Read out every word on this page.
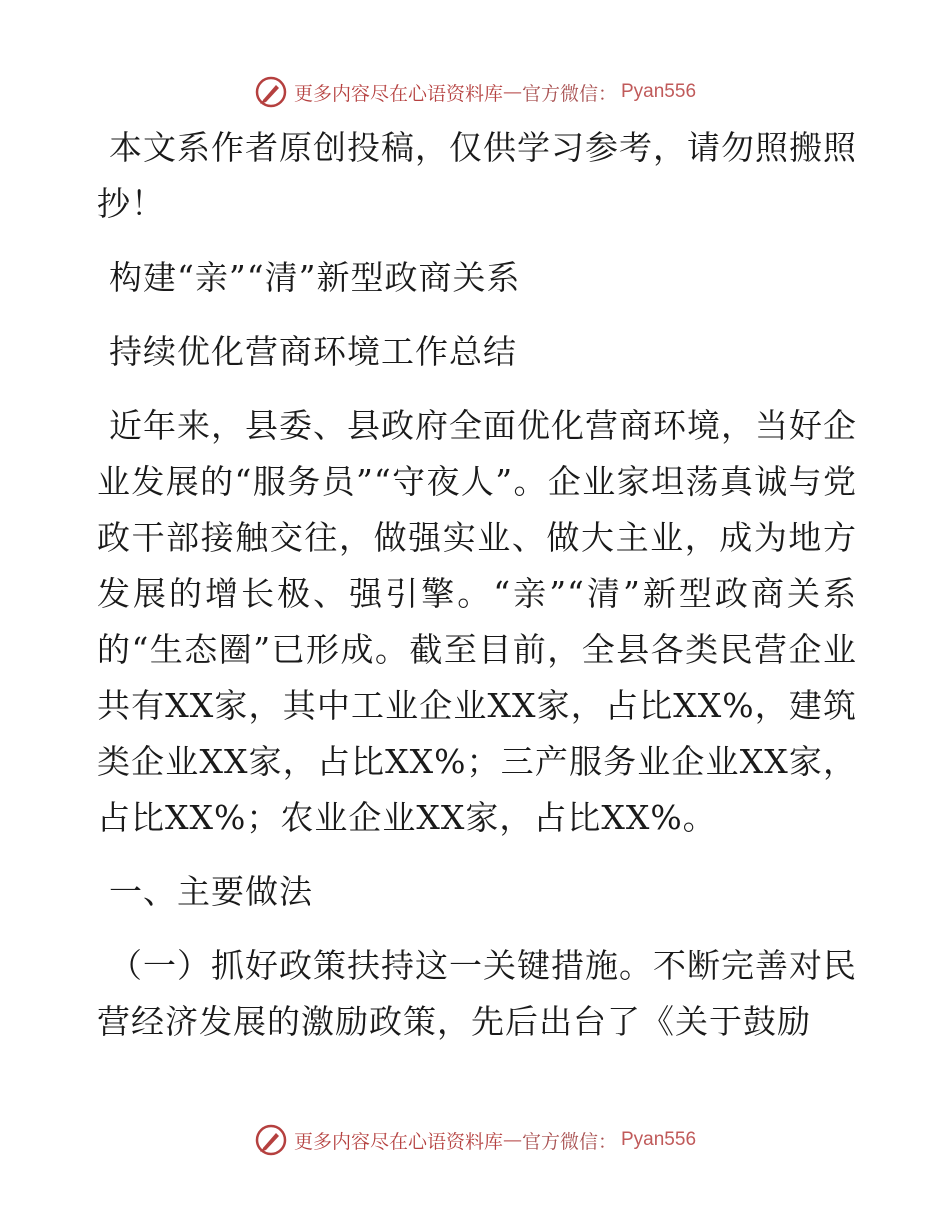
更多内容尽在心语资料库 — 官方微信： Pyan556

本文系作者原创投稿，仅供学习参考，请勿照搬照抄！

构建“亲”“清”新型政商关系

持续优化营商环境工作总结

近年来，县委、县政府全面优化营商环境，当好企业发展的“服务员”“守夜人”。企业家坦荡真诚与党政干部接触交往，做强实业、做大主业，成为地方发展的增长极、强引擎。“亲”“清”新型政商关系的“生态圈”已形成。截至目前，全县各类民营企业共有XX家，其中工业企业XX家，占比XX%，建筑类企业XX家，占比XX%；三产服务业企业XX家，占比XX%；农业企业XX家，占比XX%。

一、主要做法

（一）抓好政策扶持这一关键措施。不断完善对民营经济发展的激励政策，先后出台了《关于鼓励

更多内容尽在心语资料库 — 官方微信： Pyan556
